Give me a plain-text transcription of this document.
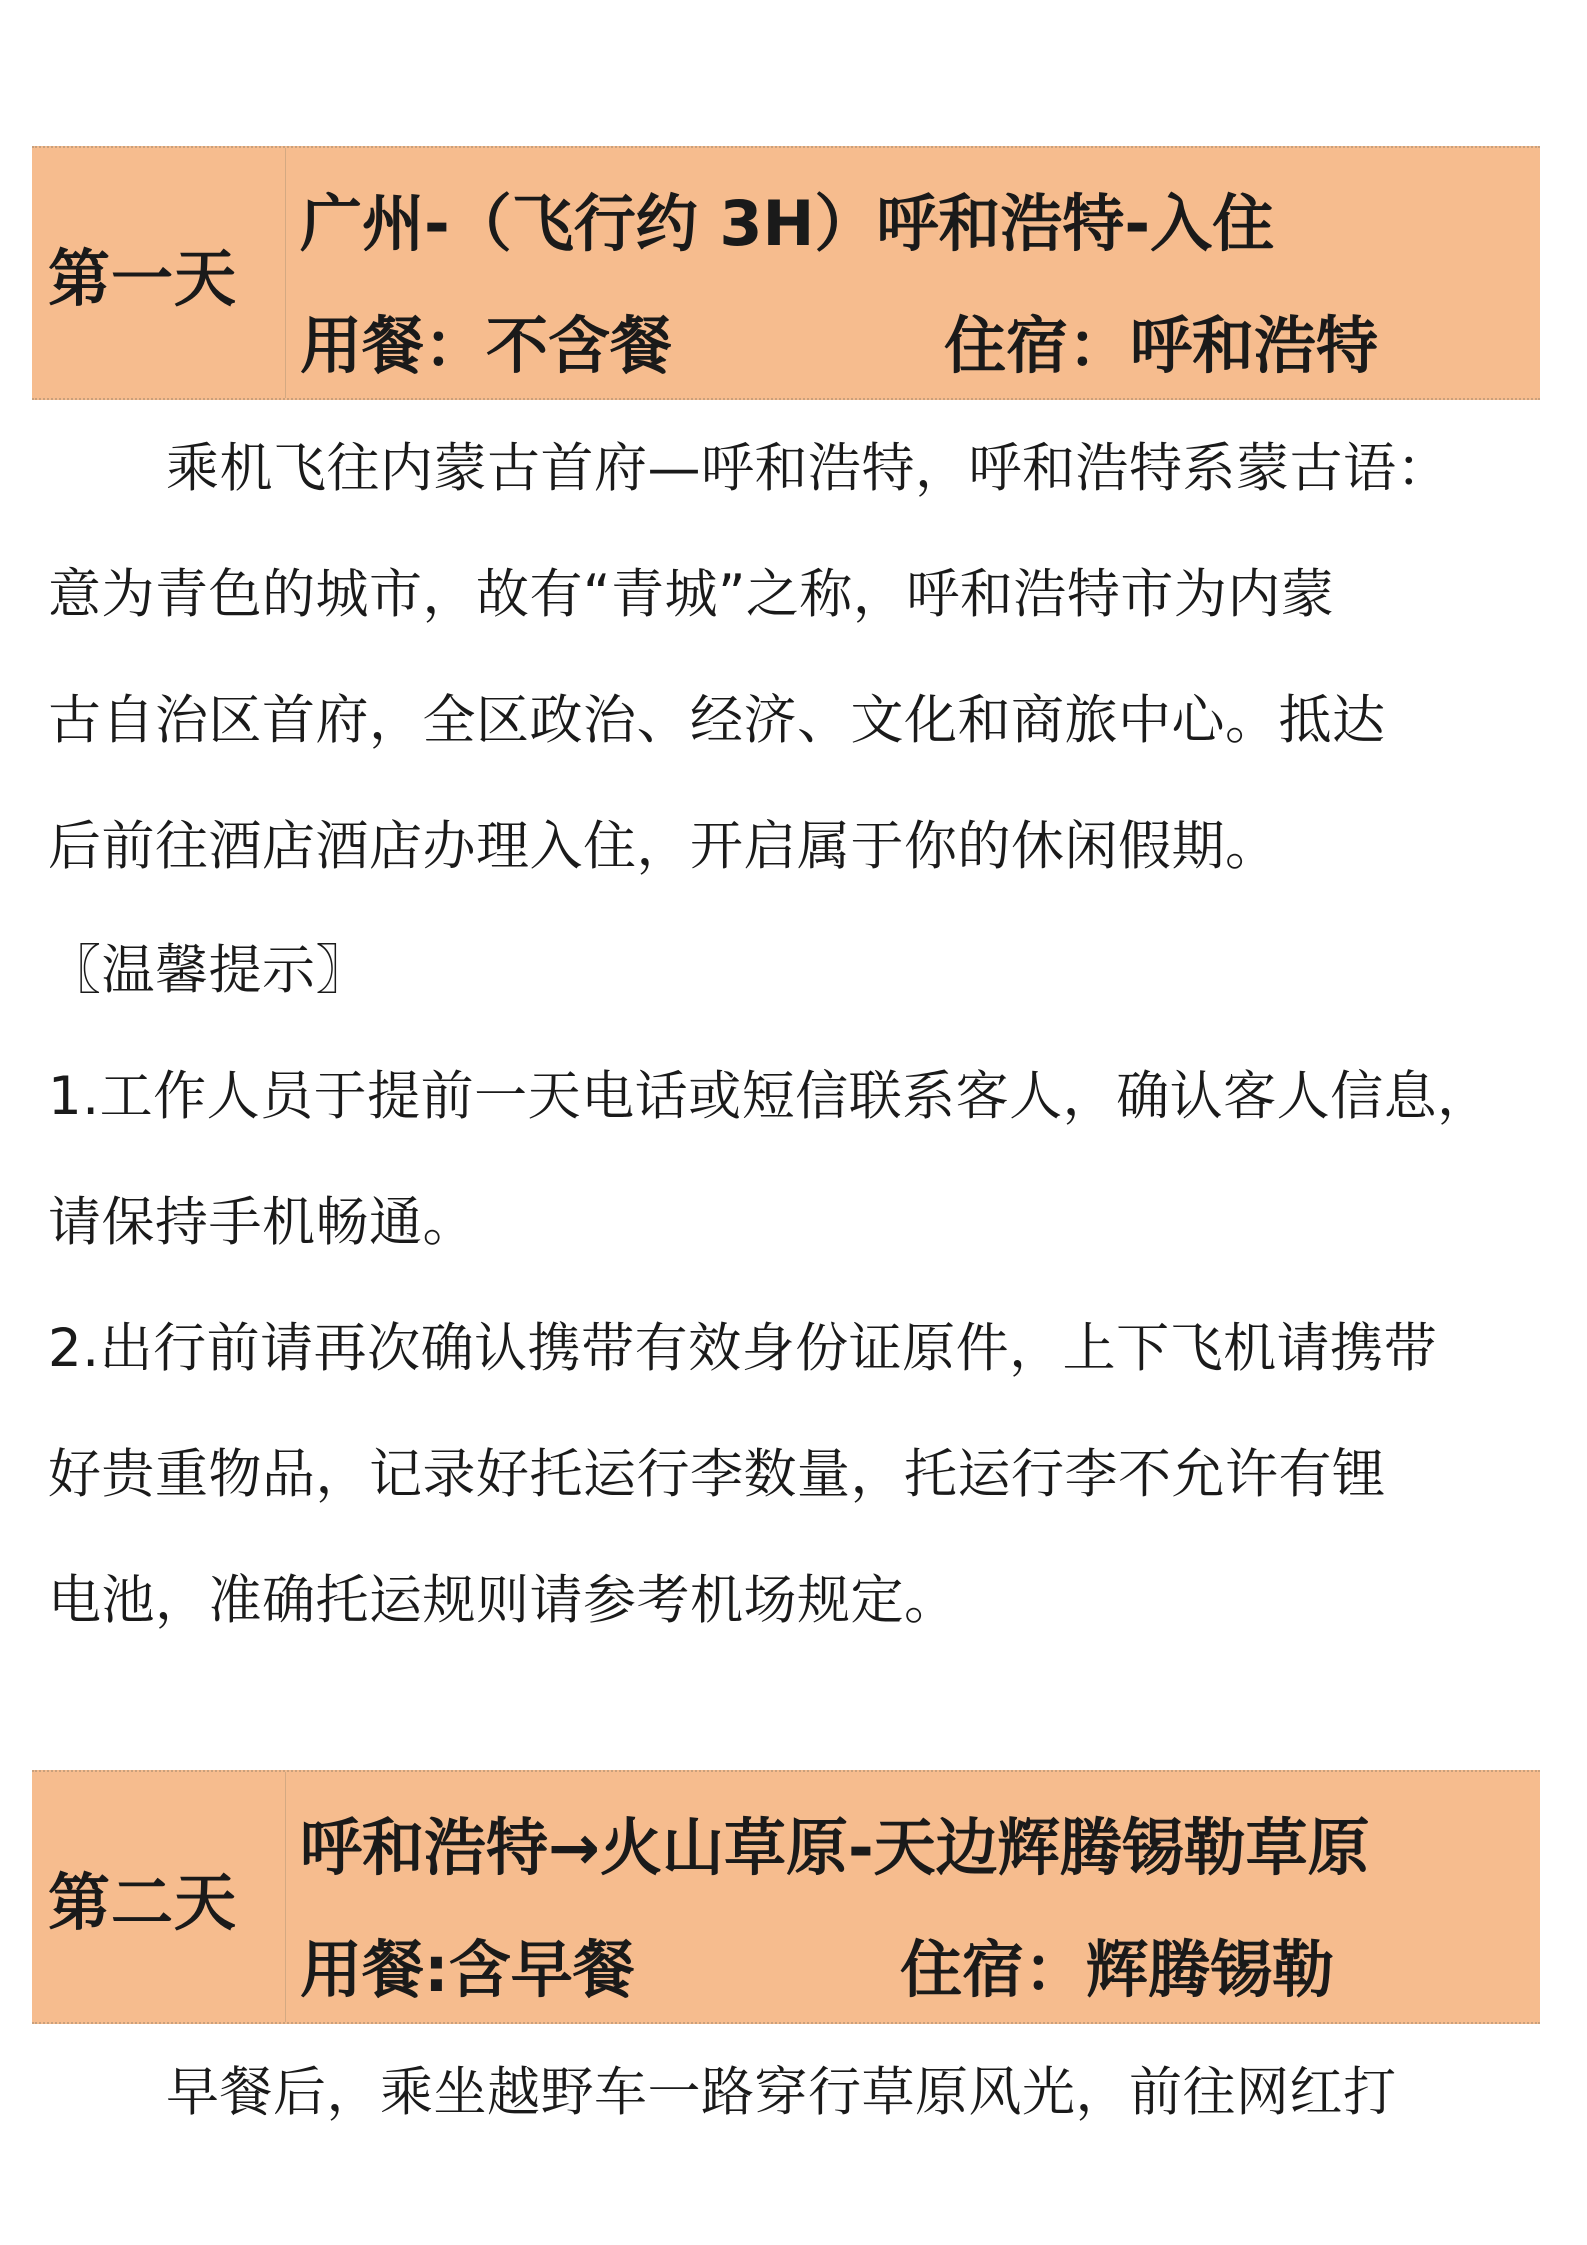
第一天
广州-（飞行约 3H）呼和浩特-入住
用餐：不含餐	住宿：呼和浩特
乘机飞往内蒙古首府—呼和浩特，呼和浩特系蒙古语：
意为青色的城市，故有“青城”之称，呼和浩特市为内蒙
古自治区首府，全区政治、经济、文化和商旅中心。抵达
后前往酒店酒店办理入住，开启属于你的休闲假期。
〖温馨提示〗
1.工作人员于提前一天电话或短信联系客人，确认客人信息，
请保持手机畅通。
2.出行前请再次确认携带有效身份证原件，上下飞机请携带
好贵重物品，记录好托运行李数量，托运行李不允许有锂
电池，准确托运规则请参考机场规定。
第二天
呼和浩特→火山草原-天边辉腾锡勒草原
用餐:含早餐	住宿：辉腾锡勒
早餐后，乘坐越野车一路穿行草原风光，前往网红打
